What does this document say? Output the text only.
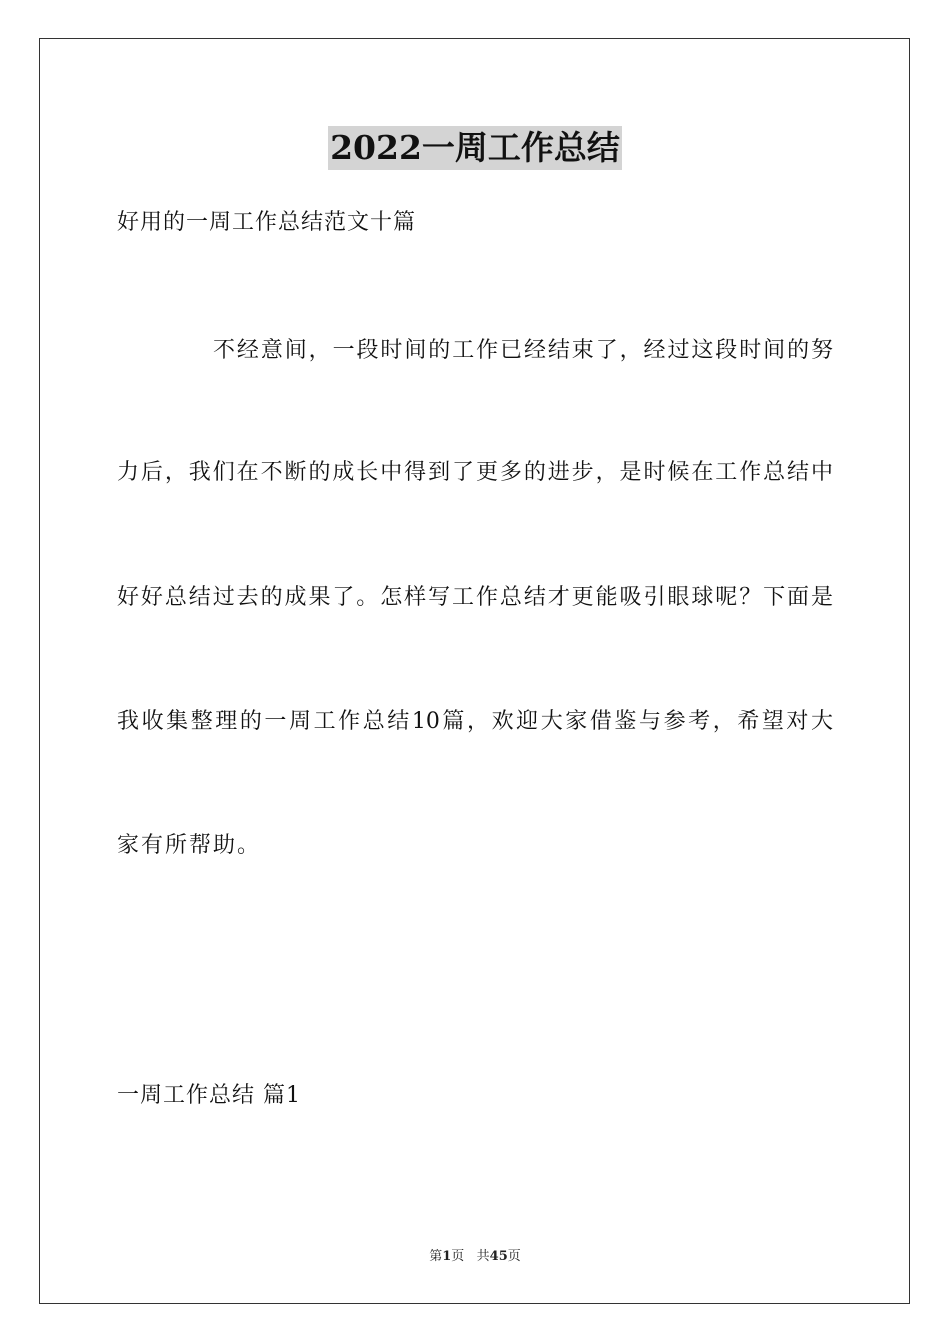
2022一周工作总结
好用的一周工作总结范文十篇
不经意间，一段时间的工作已经结束了，经过这段时间的努
力后，我们在不断的成长中得到了更多的进步，是时候在工作总结中
好好总结过去的成果了。怎样写工作总结才更能吸引眼球呢？下面是
我收集整理的一周工作总结10篇，欢迎大家借鉴与参考，希望对大
家有所帮助。
一周工作总结 篇1
第1页   共45页
